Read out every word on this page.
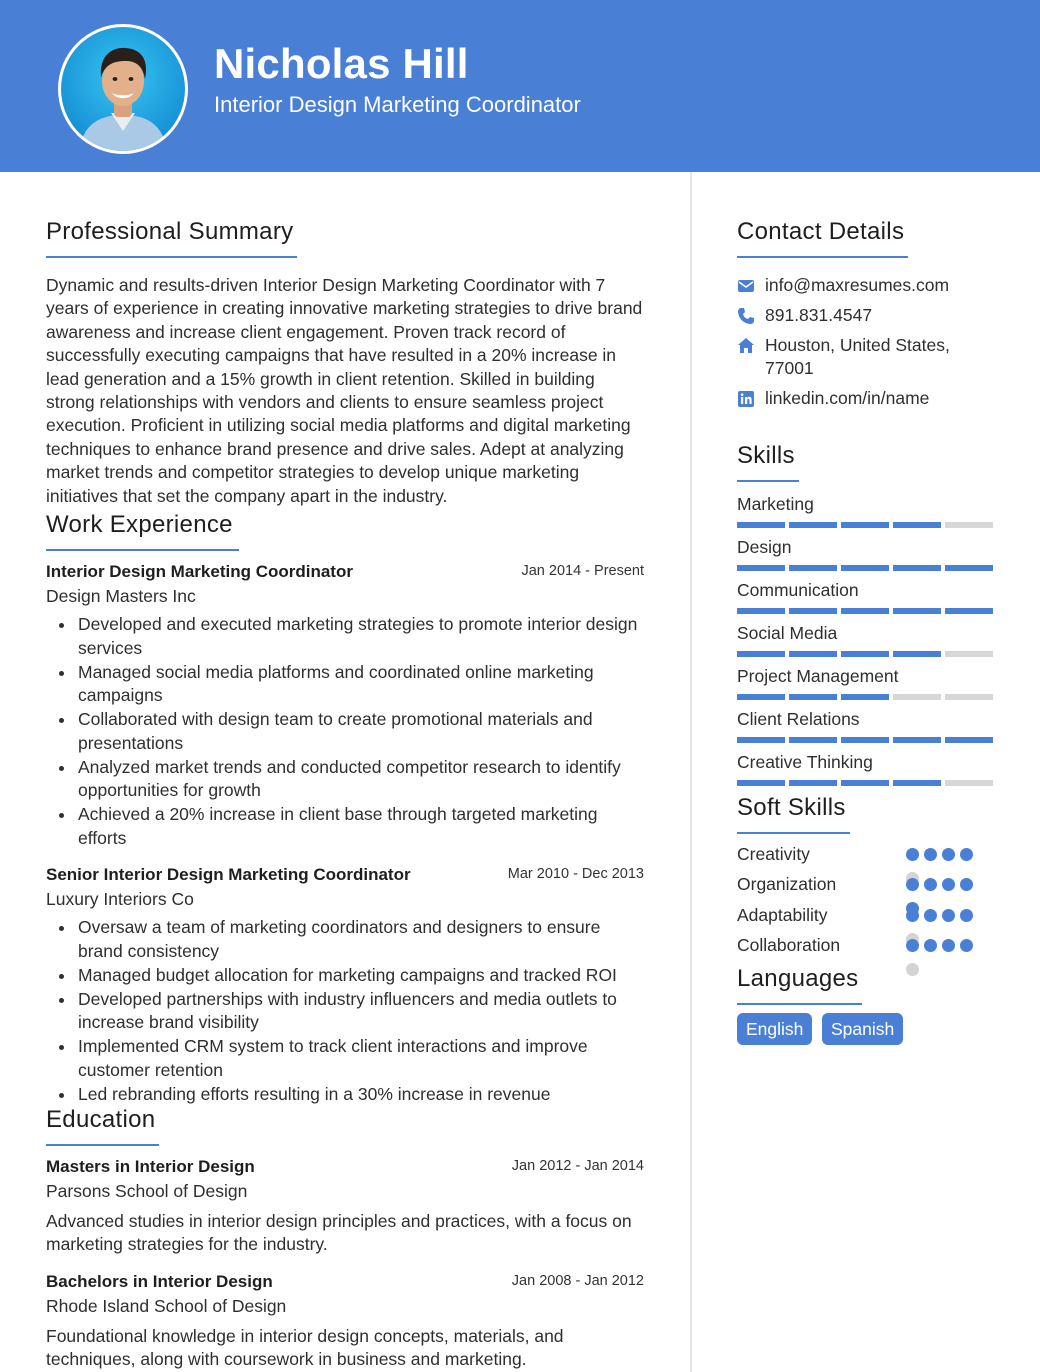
Nicholas Hill
Interior Design Marketing Coordinator
Professional Summary
Dynamic and results-driven Interior Design Marketing Coordinator with 7 years of experience in creating innovative marketing strategies to drive brand awareness and increase client engagement. Proven track record of successfully executing campaigns that have resulted in a 20% increase in lead generation and a 15% growth in client retention. Skilled in building strong relationships with vendors and clients to ensure seamless project execution. Proficient in utilizing social media platforms and digital marketing techniques to enhance brand presence and drive sales. Adept at analyzing market trends and competitor strategies to develop unique marketing initiatives that set the company apart in the industry.
Work Experience
Interior Design Marketing Coordinator	Jan 2014 - Present
Design Masters Inc
Developed and executed marketing strategies to promote interior design services
Managed social media platforms and coordinated online marketing campaigns
Collaborated with design team to create promotional materials and presentations
Analyzed market trends and conducted competitor research to identify opportunities for growth
Achieved a 20% increase in client base through targeted marketing efforts
Senior Interior Design Marketing Coordinator	Mar 2010 - Dec 2013
Luxury Interiors Co
Oversaw a team of marketing coordinators and designers to ensure brand consistency
Managed budget allocation for marketing campaigns and tracked ROI
Developed partnerships with industry influencers and media outlets to increase brand visibility
Implemented CRM system to track client interactions and improve customer retention
Led rebranding efforts resulting in a 30% increase in revenue
Education
Masters in Interior Design	Jan 2012 - Jan 2014
Parsons School of Design
Advanced studies in interior design principles and practices, with a focus on marketing strategies for the industry.
Bachelors in Interior Design	Jan 2008 - Jan 2012
Rhode Island School of Design
Foundational knowledge in interior design concepts, materials, and techniques, along with coursework in business and marketing.
Contact Details
info@maxresumes.com
891.831.4547
Houston, United States, 77001
linkedin.com/in/name
Skills
Marketing
Design
Communication
Social Media
Project Management
Client Relations
Creative Thinking
Soft Skills
Creativity
Organization
Adaptability
Collaboration
Languages
English	Spanish
